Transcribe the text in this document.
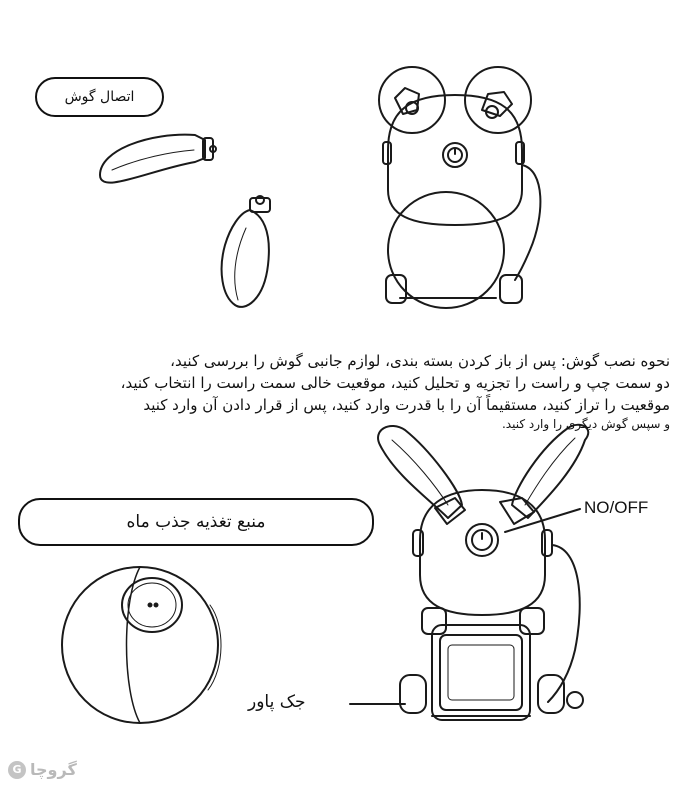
اتصال گوش
منبع تغذیه جذب ماه
NO/OFF
جک پاور
نحوه نصب گوش: پس از باز کردن بسته بندی، لوازم جانبی گوش را بررسی کنید،
دو سمت چپ و راست را تجزیه و تحلیل کنید، موقعیت خالی سمت راست را انتخاب کنید،
موقعیت را تراز کنید، مستقیماً آن را با قدرت وارد کنید، پس از قرار دادن آن وارد کنید
و سپس گوش دیگری را وارد کنید.
گروچا
G
